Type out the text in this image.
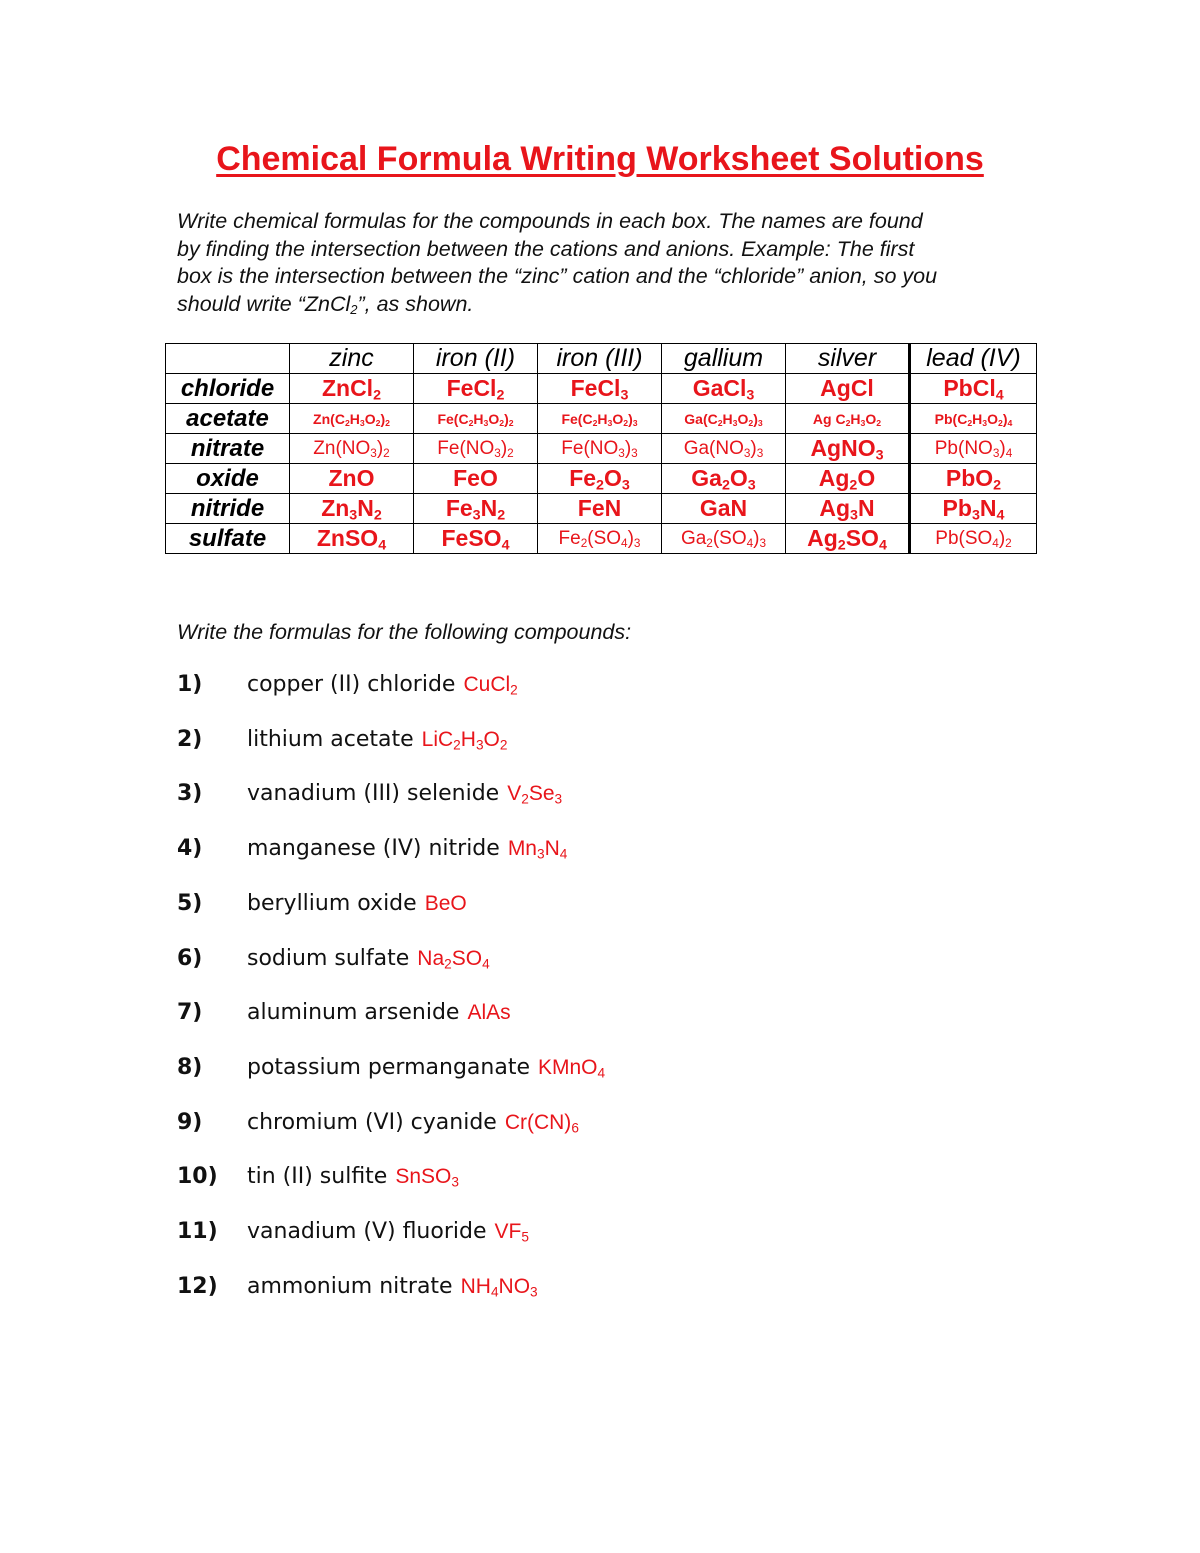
Chemical Formula Writing Worksheet Solutions
Write chemical formulas for the compounds in each box. The names are found
by finding the intersection between the cations and anions. Example: The first
box is the intersection between the “zinc” cation and the “chloride” anion, so you
should write “ZnCl$_2$”, as shown.
	zinc	iron (II)	iron (III)	gallium	silver	lead (IV)
chloride	ZnCl$_2$	FeCl$_2$	FeCl$_3$	GaCl$_3$	AgCl	PbCl$_4$
acetate	$Zn(C_2H_3O_2)_2$	$Fe(C_2H_3O_2)_2$	$Fe(C_2H_3O_2)_3$	$Ga(C_2H_3O_2)_3$	Ag $C_2H_3O_2$	$Pb(C_2H_3O_2)_4$
nitrate	$Zn(NO_3)_2$	$Fe(NO_3)_2$	$Fe(NO_3)_3$	$Ga(NO_3)_3$	AgNO$_3$	$Pb(NO_3)_4$
oxide	ZnO	FeO	$Fe_2O_3$	$Ga_2O_3$	$Ag_2O$	PbO$_2$
nitride	$Zn_3N_2$	$Fe_3N_2$	FeN	GaN	$Ag_3N$	$Pb_3N_4$
sulfate	ZnSO$_4$	FeSO$_4$	$Fe_2(SO_4)_3$	$Ga_2(SO_4)_3$	$Ag_2SO_4$	$Pb(SO_4)_2$
Write the formulas for the following compounds:
1) copper (II) chloride CuCl$_2$
2) lithium acetate $LiC_2H_3O_2$
3) vanadium (III) selenide $V_2Se_3$
4) manganese (IV) nitride $Mn_3N_4$
5) beryllium oxide BeO
6) sodium sulfate $Na_2SO_4$
7) aluminum arsenide AlAs
8) potassium permanganate KMnO$_4$
9) chromium (VI) cyanide $Cr(CN)_6$
10) tin (II) sulfite SnSO$_3$
11) vanadium (V) fluoride $VF_5$
12) ammonium nitrate $NH_4NO_3$
